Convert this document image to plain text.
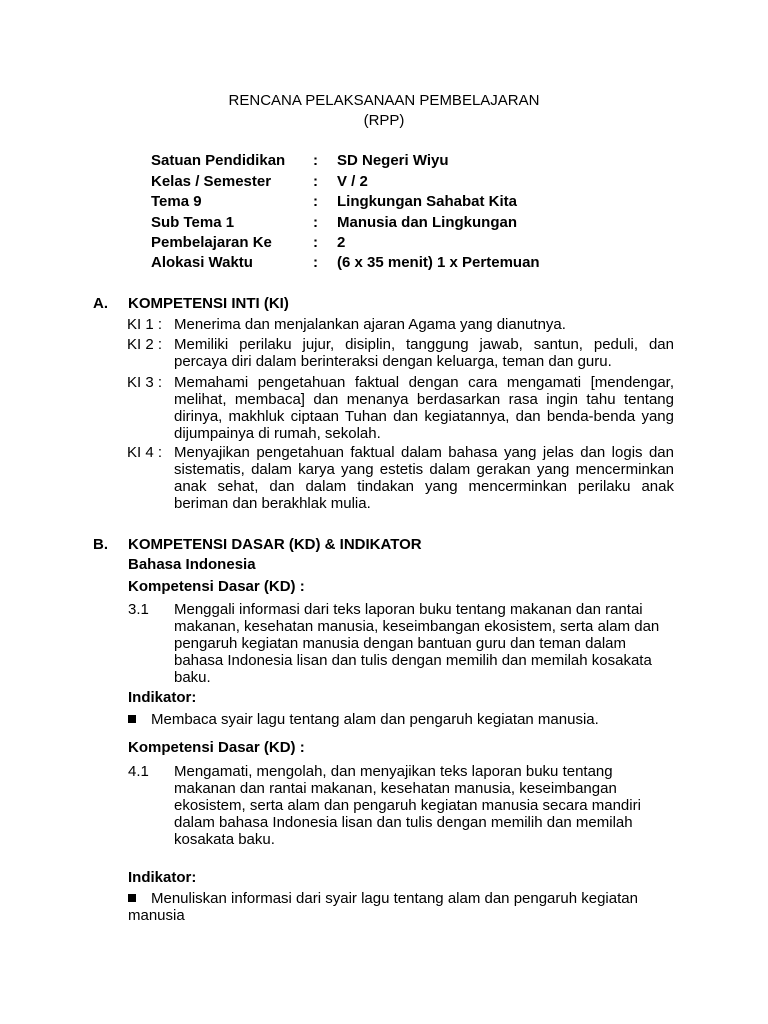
RENCANA PELAKSANAAN PEMBELAJARAN
(RPP)
Satuan Pendidikan : SD Negeri Wiyu
Kelas / Semester	: V / 2
Tema 9	: Lingkungan Sahabat Kita
Sub Tema 1	: Manusia dan Lingkungan
Pembelajaran Ke	: 2
Alokasi Waktu	: (6 x 35 menit) 1 x Pertemuan
A. KOMPETENSI INTI (KI)
KI 1 : Menerima dan menjalankan ajaran Agama yang dianutnya.
KI 2 : Memiliki perilaku jujur, disiplin, tanggung jawab, santun, peduli, dan percaya diri dalam berinteraksi dengan keluarga, teman dan guru.
KI 3 : Memahami pengetahuan faktual dengan cara mengamati [mendengar, melihat, membaca] dan menanya berdasarkan rasa ingin tahu tentang dirinya, makhluk ciptaan Tuhan dan kegiatannya, dan benda-benda yang dijumpainya di rumah, sekolah.
KI 4 : Menyajikan pengetahuan faktual dalam bahasa yang jelas dan logis dan sistematis, dalam karya yang estetis dalam gerakan yang mencerminkan anak sehat, dan dalam tindakan yang mencerminkan perilaku anak beriman dan berakhlak mulia.
B. KOMPETENSI DASAR (KD) & INDIKATOR
Bahasa Indonesia
Kompetensi Dasar (KD) :
3.1 Menggali informasi dari teks laporan buku tentang makanan dan rantai
makanan, kesehatan manusia, keseimbangan ekosistem, serta alam dan
pengaruh kegiatan manusia dengan bantuan guru dan teman dalam
bahasa Indonesia lisan dan tulis dengan memilih dan memilah kosakata
baku.
Indikator:
Membaca syair lagu tentang alam dan pengaruh kegiatan manusia.
Kompetensi Dasar (KD) :
4.1 Mengamati, mengolah, dan menyajikan teks laporan buku tentang
makanan dan rantai makanan, kesehatan manusia, keseimbangan
ekosistem, serta alam dan pengaruh kegiatan manusia secara mandiri
dalam bahasa Indonesia lisan dan tulis dengan memilih dan memilah
kosakata baku.
Indikator:
Menuliskan informasi dari syair lagu tentang alam dan pengaruh kegiatan
manusia
